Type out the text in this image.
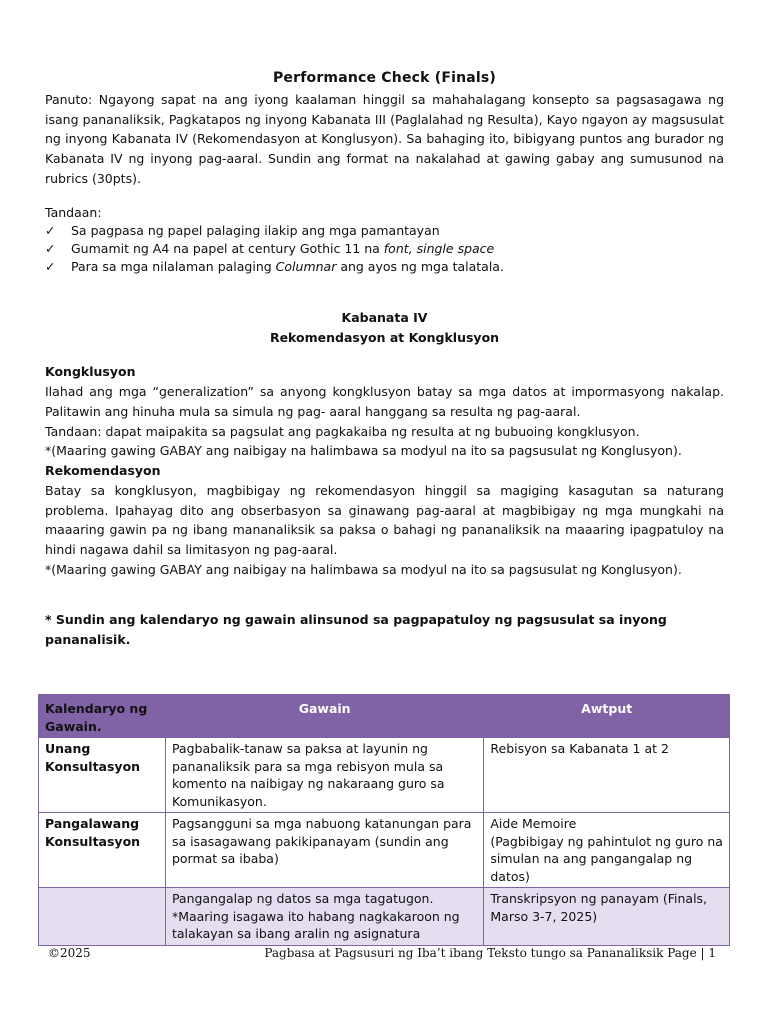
Performance Check (Finals)

Panuto: Ngayong sapat na ang iyong kaalaman hinggil sa mahahalagang konsepto sa pagsasagawa ng isang pananaliksik, Pagkatapos ng inyong Kabanata III (Paglalahad ng Resulta), Kayo ngayon ay magsusulat ng inyong Kabanata IV (Rekomendasyon at Konglusyon). Sa bahaging ito, bibigyang puntos ang burador ng Kabanata IV ng inyong pag-aaral. Sundin ang format na nakalahad at gawing gabay ang sumusunod na rubrics (30pts).

Tandaan:

✓ Sa pagpasa ng papel palaging ilakip ang mga pamantayan
✓ Gumamit ng A4 na papel at century Gothic 11 na font, single space
✓ Para sa mga nilalaman palaging Columnar ang ayos ng mga talatala.
Kabanata IV
Rekomendasyon at Kongklusyon
Kongklusyon

Ilahad ang mga “generalization” sa anyong kongklusyon batay sa mga datos at impormasyong nakalap. Palitawin ang hinuha mula sa simula ng pag- aaral hanggang sa resulta ng pag-aaral.

Tandaan: dapat maipakita sa pagsulat ang pagkakaiba ng resulta at ng bubuoing kongklusyon.

*(Maaring gawing GABAY ang naibigay na halimbawa sa modyul na ito sa pagsusulat ng Konglusyon).

Rekomendasyon

Batay sa kongklusyon, magbibigay ng rekomendasyon hinggil sa magiging kasagutan sa naturang problema. Ipahayag dito ang obserbasyon sa ginawang pag-aaral at magbibigay ng mga mungkahi na maaaring gawin pa ng ibang mananaliksik sa paksa o bahagi ng pananaliksik na maaaring ipagpatuloy na hindi nagawa dahil sa limitasyon ng pag-aaral.

*(Maaring gawing GABAY ang naibigay na halimbawa sa modyul na ito sa pagsusulat ng Konglusyon).

* Sundin ang kalendaryo ng gawain alinsunod sa pagpapatuloy ng pagsusulat sa inyong pananalisik.
Kalendaryo ng Gawain.	Gawain	Awtput
Unang Konsultasyon	Pagbabalik-tanaw sa paksa at layunin ng pananaliksik para sa mga rebisyon mula sa komento na naibigay ng nakaraang guro sa Komunikasyon.	Rebisyon sa Kabanata 1 at 2
Pangalawang Konsultasyon	Pagsangguni sa mga nabuong katanungan para sa isasagawang pakikipanayam (sundin ang pormat sa ibaba)	Aide Memoire
(Pagbibigay ng pahintulot ng guro na simulan na ang pangangalap ng datos)

	Pangangalap ng datos sa mga tagatugon.
*Maaring isagawa ito habang nagkakaroon ng talakayan sa ibang aralin ng asignatura	Transkripsyon ng panayam (Finals, Marso 3-7, 2025)
©2025	Pagbasa at Pagsusuri ng Iba’t ibang Teksto tungo sa Pananaliksik Page | 1
